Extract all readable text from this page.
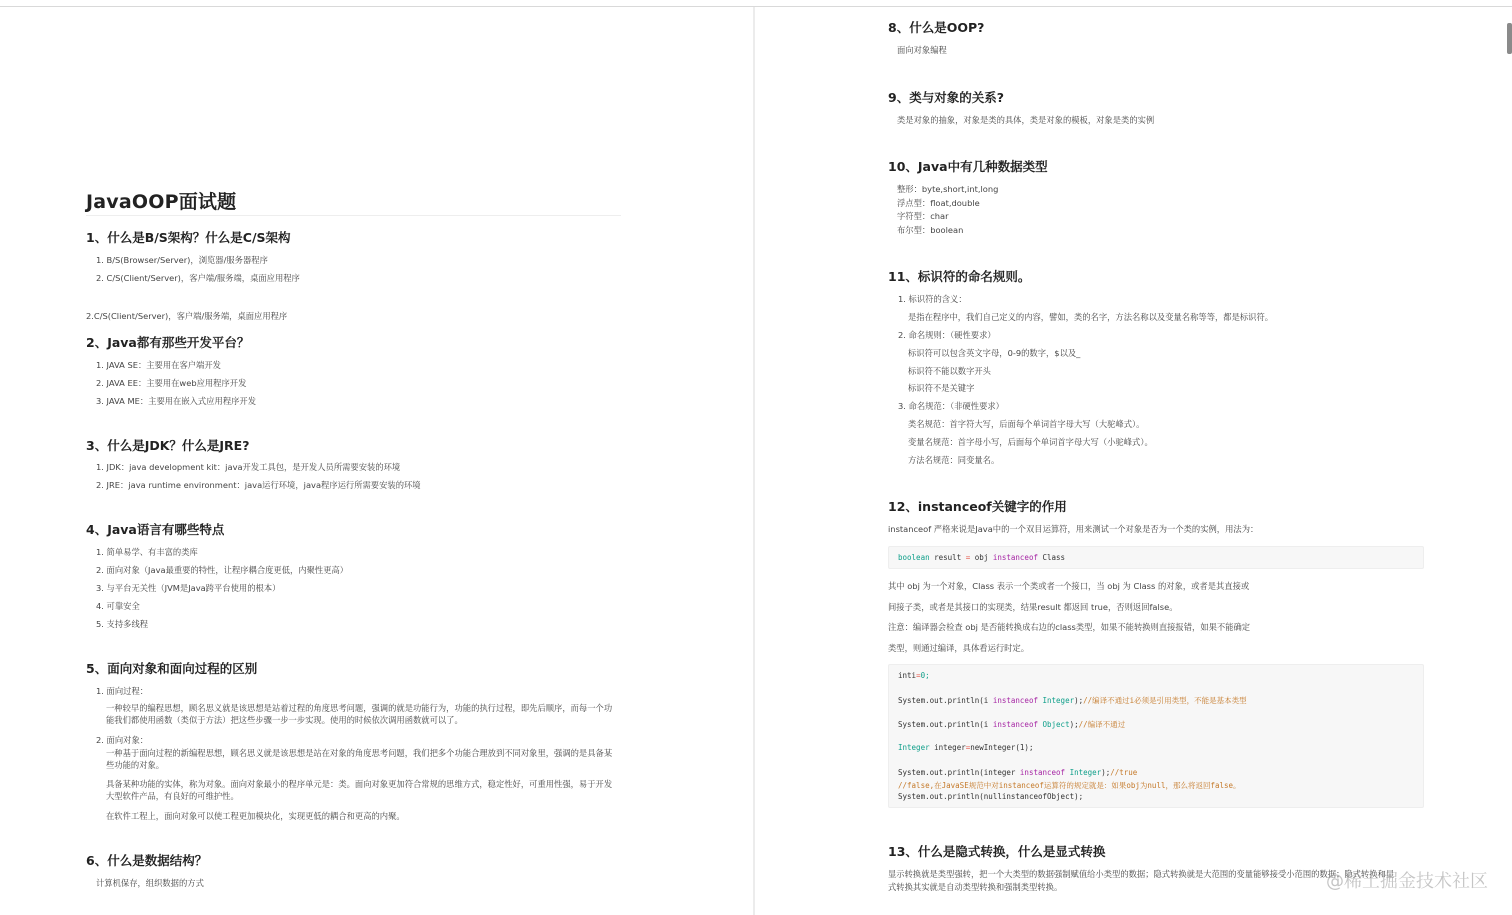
JavaOOP面试题
1、什么是B/S架构？什么是C/S架构
1. B/S(Browser/Server)，浏览器/服务器程序
2. C/S(Client/Server)，客户端/服务端，桌面应用程序
2.C/S(Client/Server)，客户端/服务端，桌面应用程序
2、Java都有那些开发平台？
1. JAVA SE：主要用在客户端开发
2. JAVA EE：主要用在web应用程序开发
3. JAVA ME：主要用在嵌入式应用程序开发
3、什么是JDK？什么是JRE?
1. JDK：java development kit：java开发工具包，是开发人员所需要安装的环境
2. JRE：java runtime environment：java运行环境，java程序运行所需要安装的环境
4、Java语言有哪些特点
1. 简单易学、有丰富的类库
2. 面向对象（Java最重要的特性，让程序耦合度更低，内聚性更高）
3. 与平台无关性（JVM是Java跨平台使用的根本）
4. 可靠安全
5. 支持多线程
5、面向对象和面向过程的区别
1. 面向过程：
一种较早的编程思想，顾名思义就是该思想是站着过程的角度思考问题，强调的就是功能行为，功能的执行过程，即先后顺序，而每一个功能我们都使用函数（类似于方法）把这些步骤一步一步实现。使用的时候依次调用函数就可以了。
2. 面向对象：
一种基于面向过程的新编程思想，顾名思义就是该思想是站在对象的角度思考问题，我们把多个功能合理放到不同对象里，强调的是具备某些功能的对象。
具备某种功能的实体，称为对象。面向对象最小的程序单元是：类。面向对象更加符合常规的思维方式，稳定性好，可重用性强，易于开发大型软件产品，有良好的可维护性。
在软件工程上，面向对象可以使工程更加模块化，实现更低的耦合和更高的内聚。
6、什么是数据结构？
计算机保存，组织数据的方式
8、什么是OOP?
面向对象编程
9、类与对象的关系?
类是对象的抽象，对象是类的具体，类是对象的模板，对象是类的实例
10、Java中有几种数据类型
整形：byte,short,int,long
浮点型：float,double
字符型：char
布尔型：boolean
11、标识符的命名规则。
1. 标识符的含义：
是指在程序中，我们自己定义的内容，譬如，类的名字，方法名称以及变量名称等等，都是标识符。
2. 命名规则：（硬性要求）
标识符可以包含英文字母，0-9的数字，$以及_
标识符不能以数字开头
标识符不是关键字
3. 命名规范：（非硬性要求）
类名规范：首字符大写，后面每个单词首字母大写（大驼峰式）。
变量名规范：首字母小写，后面每个单词首字母大写（小驼峰式）。
方法名规范：同变量名。
12、instanceof关键字的作用
instanceof 严格来说是Java中的一个双目运算符，用来测试一个对象是否为一个类的实例，用法为：
boolean result = obj instanceof Class
其中 obj 为一个对象，Class 表示一个类或者一个接口，当 obj 为 Class 的对象，或者是其直接或
间接子类，或者是其接口的实现类，结果result 都返回 true，否则返回false。
注意：编译器会检查 obj 是否能转换成右边的class类型，如果不能转换则直接报错，如果不能确定
类型，则通过编译，具体看运行时定。
inti=0;
System.out.println(i instanceof Integer);//编译不通过i必须是引用类型，不能是基本类型
System.out.println(i instanceof Object);//编译不通过
Integer integer=newInteger(1);
System.out.println(integer instanceof Integer);//true
//false,在JavaSE规范中对instanceof运算符的规定就是：如果obj为null，那么将返回false。
System.out.println(nullinstanceofObject);
13、什么是隐式转换，什么是显式转换
显示转换就是类型强转，把一个大类型的数据强制赋值给小类型的数据；隐式转换就是大范围的变量能够接受小范围的数据；隐式转换和显
式转换其实就是自动类型转换和强制类型转换。	@稀土掘金技术社区
